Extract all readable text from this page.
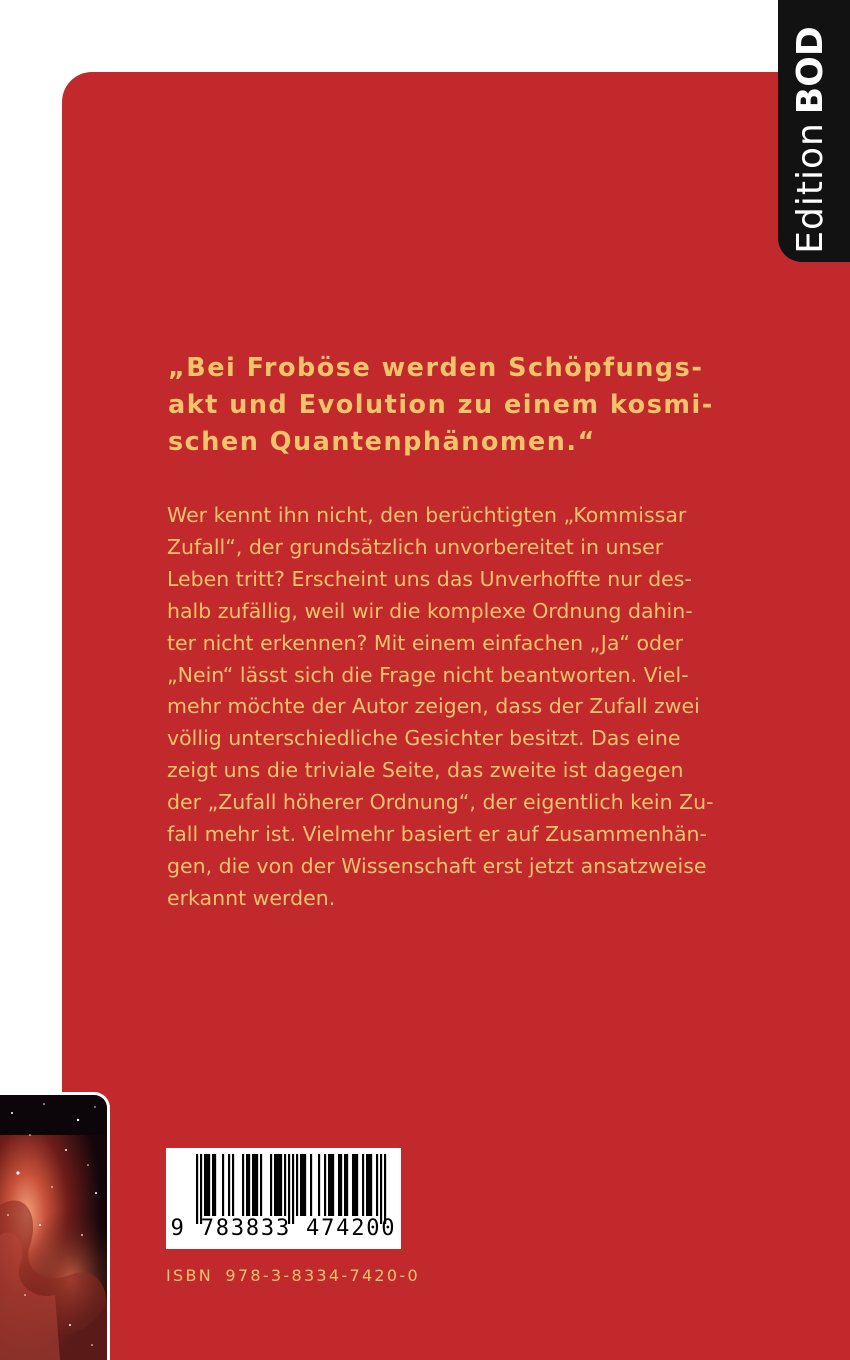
EditionBOD
„Bei Froböse werden Schöpfungs-
akt und Evolution zu einem kosmi-
schen Quantenphänomen.“
Wer kennt ihn nicht, den berüchtigten „Kommissar
Zufall“, der grundsätzlich unvorbereitet in unser
Leben tritt? Erscheint uns das Unverhoffte nur des-
halb zufällig, weil wir die komplexe Ordnung dahin-
ter nicht erkennen? Mit einem einfachen „Ja“ oder
„Nein“ lässt sich die Frage nicht beantworten. Viel-
mehr möchte der Autor zeigen, dass der Zufall zwei
völlig unterschiedliche Gesichter besitzt. Das eine
zeigt uns die triviale Seite, das zweite ist dagegen
der „Zufall höherer Ordnung“, der eigentlich kein Zu-
fall mehr ist. Vielmehr basiert er auf Zusammenhän-
gen, die von der Wissenschaft erst jetzt ansatzweise
erkannt werden.
9 783833 474200
ISBN 978-3-8334-7420-0
